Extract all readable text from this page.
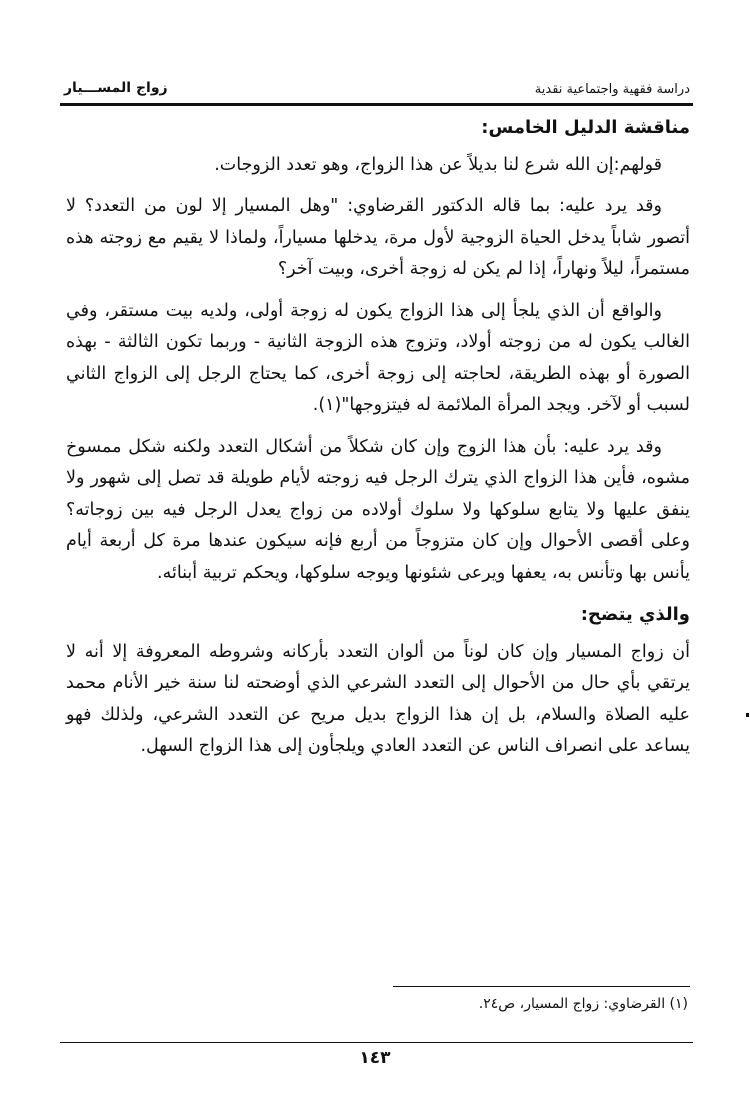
زواج المســـيار	دراسة فقهية واجتماعية نقدية
مناقشة الدليل الخامس:

قولهم:إن الله شرع لنا بديلاً عن هذا الزواج، وهو تعدد الزوجات.

وقد يرد عليه: بما قاله الدكتور القرضاوي: "وهل المسيار إلا لون من التعدد؟ لا أتصور شاباً يدخل الحياة الزوجية لأول مرة، يدخلها مسياراً، ولماذا لا يقيم مع زوجته هذه مستمراً، ليلاً ونهاراً، إذا لم يكن له زوجة أخرى، وبيت آخر؟

والواقع أن الذي يلجأ إلى هذا الزواج يكون له زوجة أولى، ولديه بيت مستقر، وفي الغالب يكون له من زوجته أولاد، وتزوج هذه الزوجة الثانية - وربما تكون الثالثة - بهذه الصورة أو بهذه الطريقة، لحاجته إلى زوجة أخرى، كما يحتاج الرجل إلى الزواج الثاني لسبب أو لآخر. ويجد المرأة الملائمة له فيتزوجها"(١).

وقد يرد عليه: بأن هذا الزوج وإن كان شكلاً من أشكال التعدد ولكنه شكل ممسوخ مشوه، فأين هذا الزواج الذي يترك الرجل فيه زوجته لأيام طويلة قد تصل إلى شهور ولا ينفق عليها ولا يتابع سلوكها ولا سلوك أولاده من زواج يعدل الرجل فيه بين زوجاته؟ وعلى أقصى الأحوال وإن كان متزوجاً من أربع فإنه سيكون عندها مرة كل أربعة أيام يأنس بها وتأنس به، يعفها ويرعى شئونها ويوجه سلوكها، ويحكم تربية أبنائه.

والذي يتضح:

أن زواج المسيار وإن كان لوناً من ألوان التعدد بأركانه وشروطه المعروفة إلا أنه لا يرتقي بأي حال من الأحوال إلى التعدد الشرعي الذي أوضحته لنا سنة خير الأنام محمد عليه الصلاة والسلام، بل إن هذا الزواج بديل مريح عن التعدد الشرعي، ولذلك فهو يساعد على انصراف الناس عن التعدد العادي ويلجأون إلى هذا الزواج السهل.

(١) القرضاوي: زواج المسيار، ص٢٤.
١٤٣
